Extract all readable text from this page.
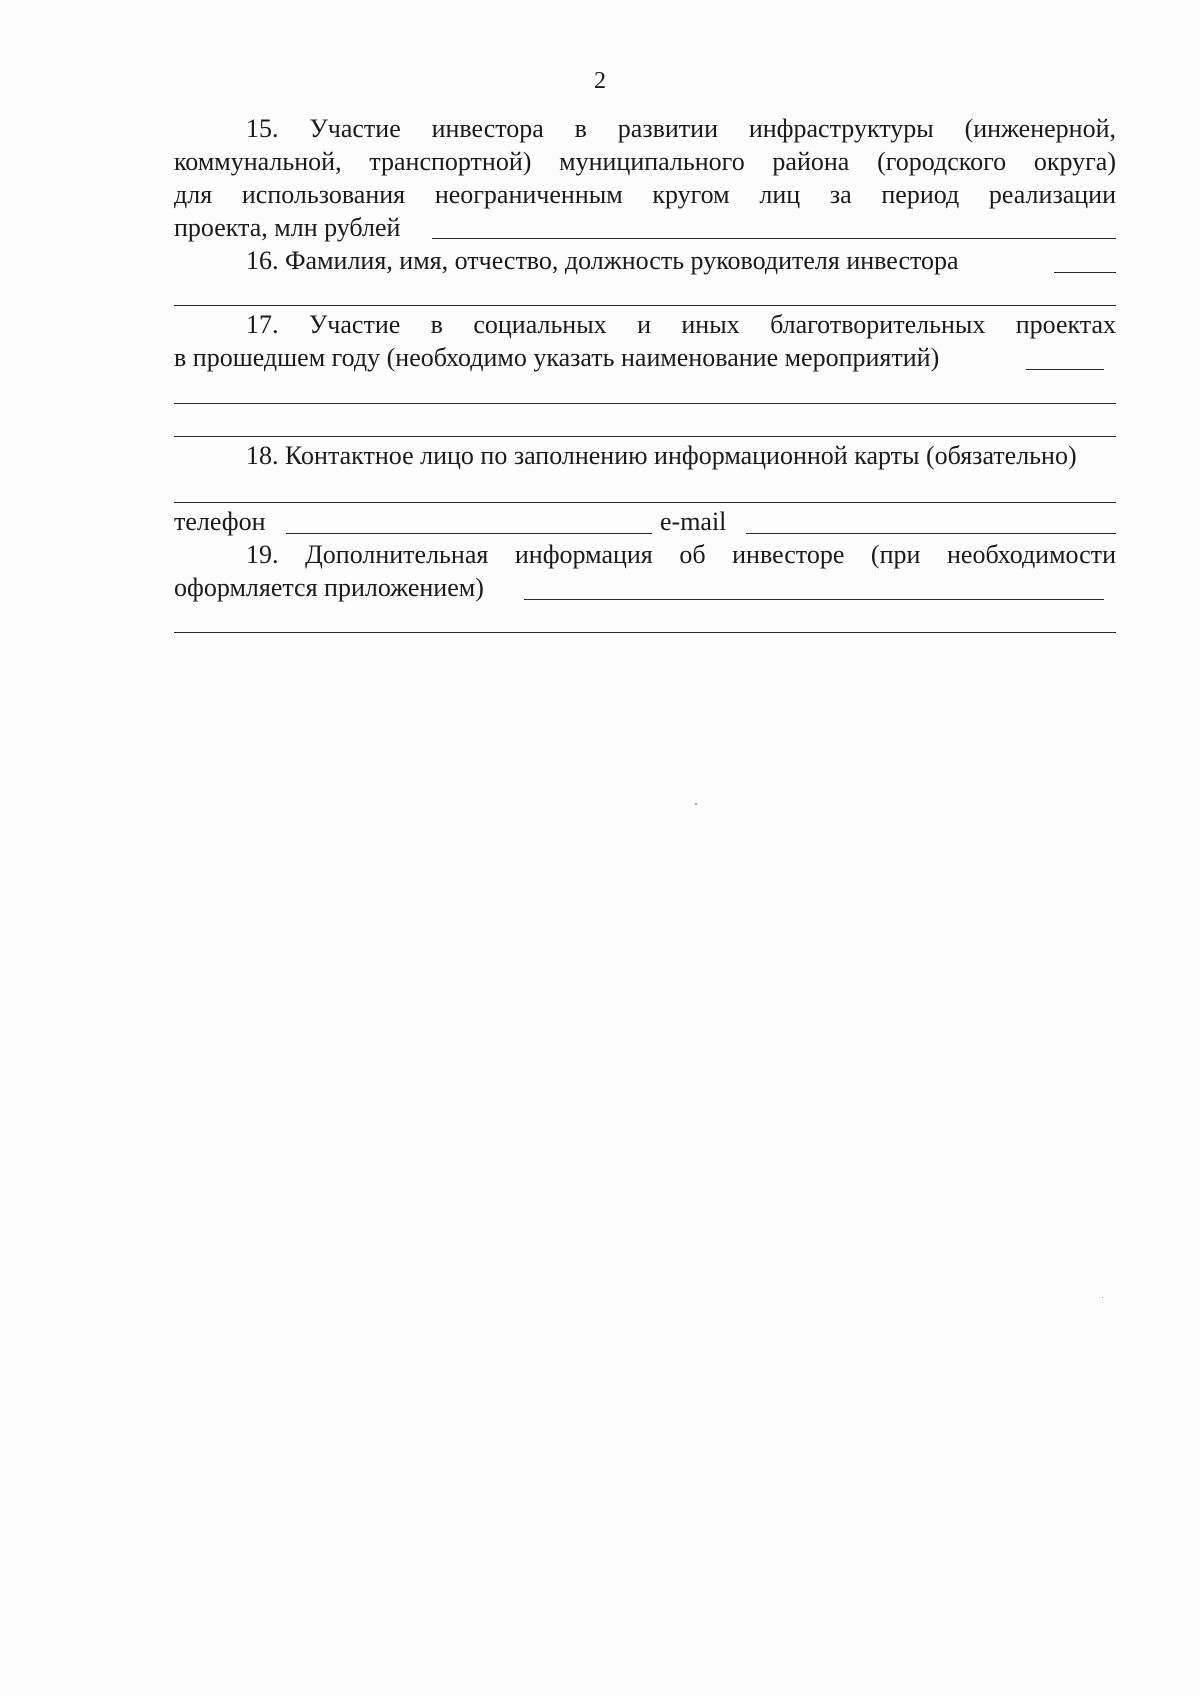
2
15. Участие инвестора в развитии инфраструктуры (инженерной,
коммунальной, транспортной) муниципального района (городского округа)
для использования неограниченным кругом лиц за период реализации
проекта, млн рублей
16. Фамилия, имя, отчество, должность руководителя инвестора
17. Участие в социальных и иных благотворительных проектах
в прошедшем году (необходимо указать наименование мероприятий)
18. Контактное лицо по заполнению информационной карты (обязательно)
телефон	e-mail
19. Дополнительная информация об инвесторе (при необходимости
оформляется приложением)
